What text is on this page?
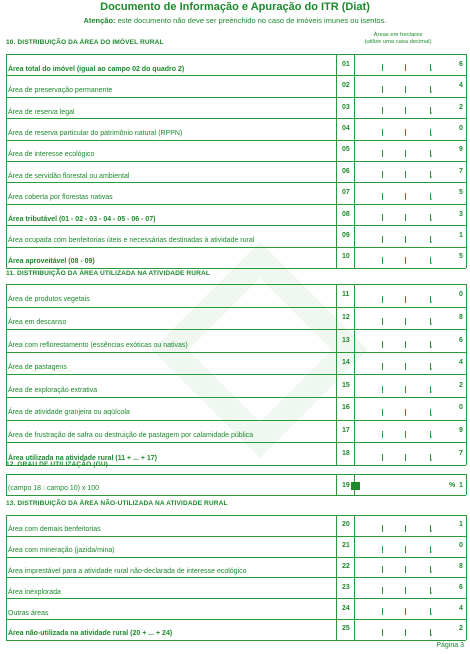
Documento de Informação e Apuração do ITR (Diat)
Atenção: este documento não deve ser preenchido no caso de imóveis imunes ou isentos.
Áreas em hectares
(utilize uma casa decimal)
10. DISTRIBUIÇÃO DA ÁREA DO IMÓVEL RURAL
Área total do imóvel (igual ao campo 02 do quadro 2)
01	,	6
Área de preservação permanente
02	,	4
Área de reserva legal
03	,	2
Área de reserva particular do patrimônio natural (RPPN)
04	,	0
Área de interesse ecológico
05	,	9
Área de servidão florestal ou ambiental
06	,	7
Área coberta por florestas nativas
07	,	5
Área tributável (01 - 02 - 03 - 04 - 05 - 06 - 07)
08	,	3
Área ocupada com benfeitorias úteis e necessárias destinadas à atividade rural
09	,	1
Área aproveitável (08 - 09)
10	,	5
11. DISTRIBUIÇÃO DA ÁREA UTILIZADA NA ATIVIDADE RURAL
Área de produtos vegetais
11	,	0
Área em descanso
12	,	8
Área com reflorestamento (essências exóticas ou nativas)
13	,	6
Área de pastagens
14	,	4
Área de exploração extrativa
15	,	2
Área de atividade granjeira ou aqüícola
16	,	0
Área de frustração de safra ou destruição de pastagem por calamidade pública
17	,	9
Área utilizada na atividade rural (11 + ... + 17)
18	,	7
12. GRAU DE UTILIZAÇÃO (GU)
(campo 18 : campo 10) x 100	19	% 1
13. DISTRIBUIÇÃO DA ÁREA NÃO-UTILIZADA NA ATIVIDADE RURAL
Área com demais benfeitorias
20	,	1
Área com mineração (jazida/mina)
21	,	0
Área imprestável para a atividade rural não-declarada de interesse ecológico
22	,	8
Área inexplorada
23	,	6
Outras áreas
24	,	4
Área não-utilizada na atividade rural (20 + ... + 24)
25	,	2
Página 3
